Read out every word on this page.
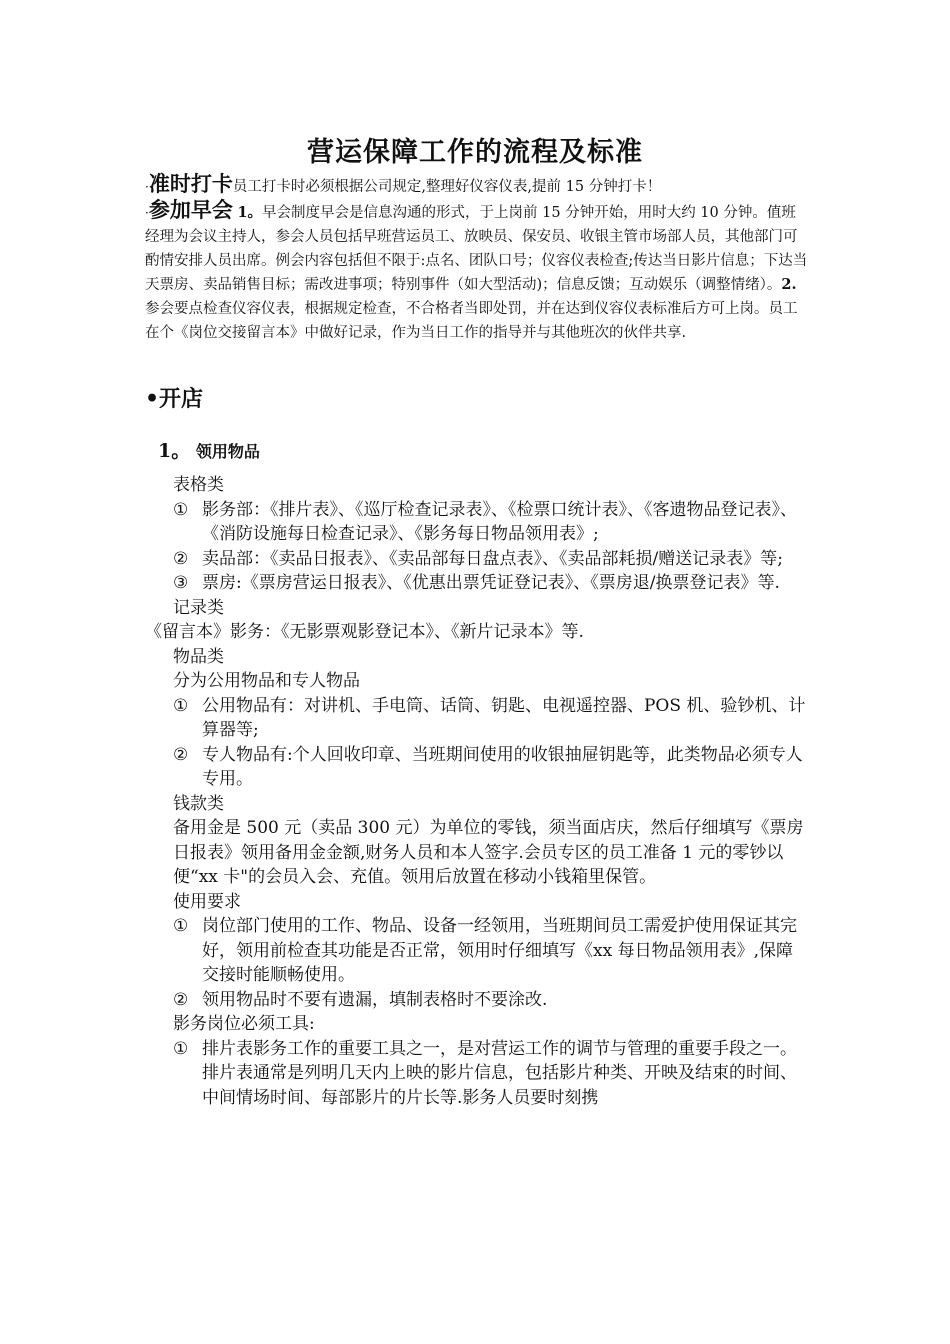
营运保障工作的流程及标准
·准时打卡员工打卡时必须根据公司规定,整理好仪容仪表,提前 15 分钟打卡！
·参加早会 1。早会制度早会是信息沟通的形式，于上岗前 15 分钟开始，用时大约 10 分钟。值班经理为会议主持人，参会人员包括早班营运员工、放映员、保安员、收银主管市场部人员，其他部门可酌情安排人员出席。例会内容包括但不限于:点名、团队口号；仪容仪表检查;传达当日影片信息；下达当天票房、卖品销售目标；需改进事项；特别事件（如大型活动)；信息反馈；互动娱乐（调整情绪）。2.参会要点检查仪容仪表，根据规定检查，不合格者当即处罚，并在达到仪容仪表标准后方可上岗。员工在个《岗位交接留言本》中做好记录，作为当日工作的指导并与其他班次的伙伴共享.
•开店
1。 领用物品

表格类

① 影务部：《排片表》、《巡厅检查记录表》、《检票口统计表》、《客遗物品登记表》、《消防设施每日检查记录》、《影务每日物品领用表》;

② 卖品部：《卖品日报表》、《卖品部每日盘点表》、《卖品部耗损/赠送记录表》等;

③ 票房:《票房营运日报表》、《优惠出票凭证登记表》、《票房退/换票登记表》等.

记录类

《留言本》影务：《无影票观影登记本》、《新片记录本》等.

物品类

分为公用物品和专人物品

① 公用物品有：对讲机、手电筒、话筒、钥匙、电视遥控器、POS 机、验钞机、计算器等;

② 专人物品有:个人回收印章、当班期间使用的收银抽屉钥匙等，此类物品必须专人专用。

钱款类

备用金是 500 元（卖品 300 元）为单位的零钱，须当面店庆，然后仔细填写《票房日报表》领用备用金金额,财务人员和本人签字.会员专区的员工准备 1 元的零钞以便“xx 卡"的会员入会、充值。领用后放置在移动小钱箱里保管。

使用要求

① 岗位部门使用的工作、物品、设备一经领用，当班期间员工需爱护使用保证其完好，领用前检查其功能是否正常，领用时仔细填写《xx 每日物品领用表》,保障交接时能顺畅使用。

② 领用物品时不要有遗漏，填制表格时不要涂改.

影务岗位必须工具:

① 排片表影务工作的重要工具之一，是对营运工作的调节与管理的重要手段之一。排片表通常是列明几天内上映的影片信息，包括影片种类、开映及结束的时间、中间情场时间、每部影片的片长等.影务人员要时刻携
